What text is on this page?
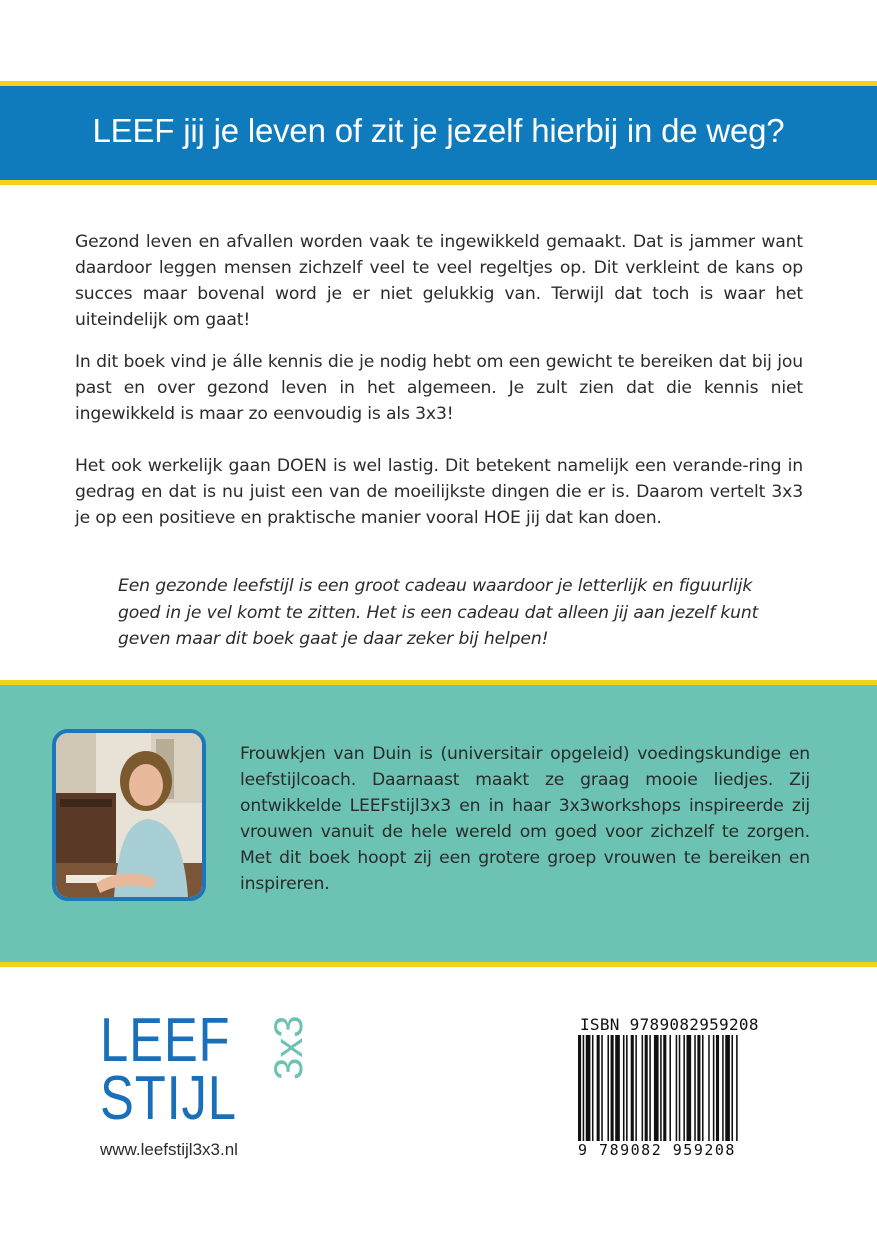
LEEF jij je leven of zit je jezelf hierbij in de weg?

Gezond leven en afvallen worden vaak te ingewikkeld gemaakt. Dat is jammer want daardoor leggen mensen zichzelf veel te veel regeltjes op. Dit verkleint de kans op succes maar bovenal word je er niet gelukkig van. Terwijl dat toch is waar het uiteindelijk om gaat!

In dit boek vind je álle kennis die je nodig hebt om een gewicht te bereiken dat bij jou past en over gezond leven in het algemeen. Je zult zien dat die kennis niet ingewikkeld is maar zo eenvoudig is als 3x3!

Het ook werkelijk gaan DOEN is wel lastig. Dit betekent namelijk een verande-ring in gedrag en dat is nu juist een van de moeilijkste dingen die er is. Daarom vertelt 3x3 je op een positieve en praktische manier vooral HOE jij dat kan doen.

Een gezonde leefstijl is een groot cadeau waardoor je letterlijk en figuurlijk goed in je vel komt te zitten. Het is een cadeau dat alleen jij aan jezelf kunt geven maar dit boek gaat je daar zeker bij helpen!

Frouwkjen van Duin is (universitair opgeleid) voedingskundige en leefstijlcoach. Daarnaast maakt ze graag mooie liedjes. Zij ontwikkelde LEEFstijl3x3 en in haar 3x3workshops inspireerde zij vrouwen vanuit de hele wereld om goed voor zichzelf te zorgen. Met dit boek hoopt zij een grotere groep vrouwen te bereiken en inspireren.

LEEF
STIJL
3x3
www.leefstijl3x3.nl
ISBN 9789082959208
9 789082 959208
